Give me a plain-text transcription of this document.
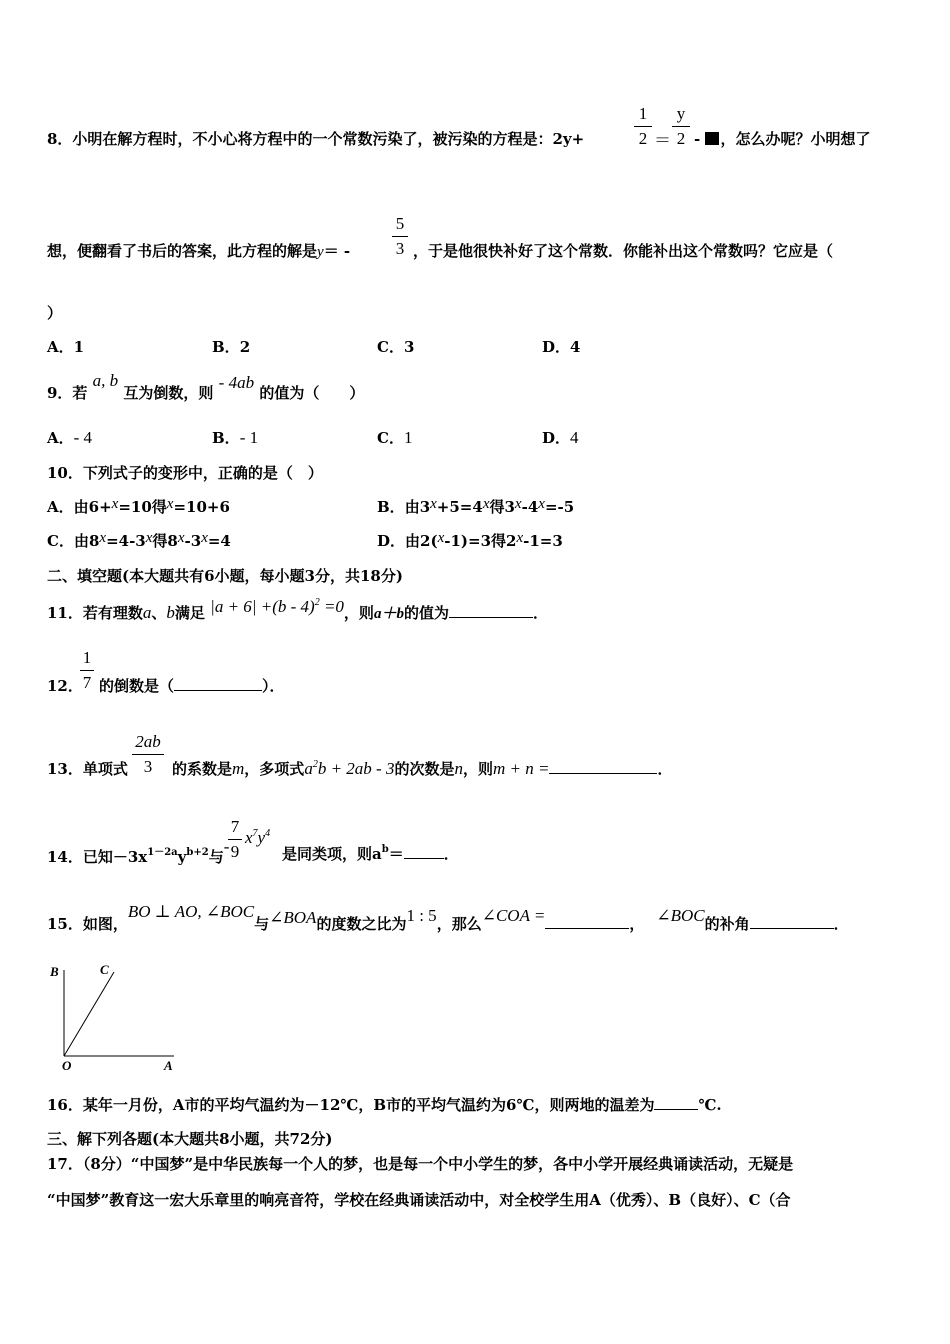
8．小明在解方程时，不小心将方程中的一个常数污染了，被污染的方程是：2y+
1
2 ＝
y
2 - ，怎么办呢？小明想了
想，便翻看了书后的答案，此方程的解是y＝ -
5
3 ，于是他很快补好了这个常数．你能补出这个常数吗？它应是（
）
A．1	B．2	C．3	D．4
9．若 a, b 互为倒数，则 - 4ab 的值为（　　）
A．- 4	B．- 1	C．1	D．4
10．下列式子的变形中，正确的是（　）
A．由6+x=10得x=10+6	B．由3x+5=4x得3x-4x=-5
C．由8x=4-3x得8x-3x=4	D．由2(x-1)=3得2x-1=3
二、填空题(本大题共有6小题，每小题3分，共18分)
11．若有理数a、b满足 |a + 6| +(b - 4)$^2$ =0，则a＋b的值为	．
12．
1
7 的倒数是（	）．
13．单项式
2ab
3	的系数是m，多项式$a^2b + 2ab - 3$的次数是n，则m + n =	．
14．已知$-3x^{1-2a}y^{b+2}$与-
7
9
$x^7y^4$
是同类项，则$a^b=$	．
15．如图，BO ⊥ AO, ∠BOC与∠BOA的度数之比为1 : 5，那么∠COA =	， ∠BOC的补角	．
B	C
O	A
16．某年一月份，A市的平均气温约为－12℃，B市的平均气温约为6℃，则两地的温差为	℃.
三、解下列各题(本大题共8小题，共72分)
17．（8分）“中国梦”是中华民族每一个人的梦，也是每一个中小学生的梦，各中小学开展经典诵读活动，无疑是
“中国梦”教育这一宏大乐章里的响亮音符，学校在经典诵读活动中，对全校学生用A（优秀）、B（良好）、C（合
